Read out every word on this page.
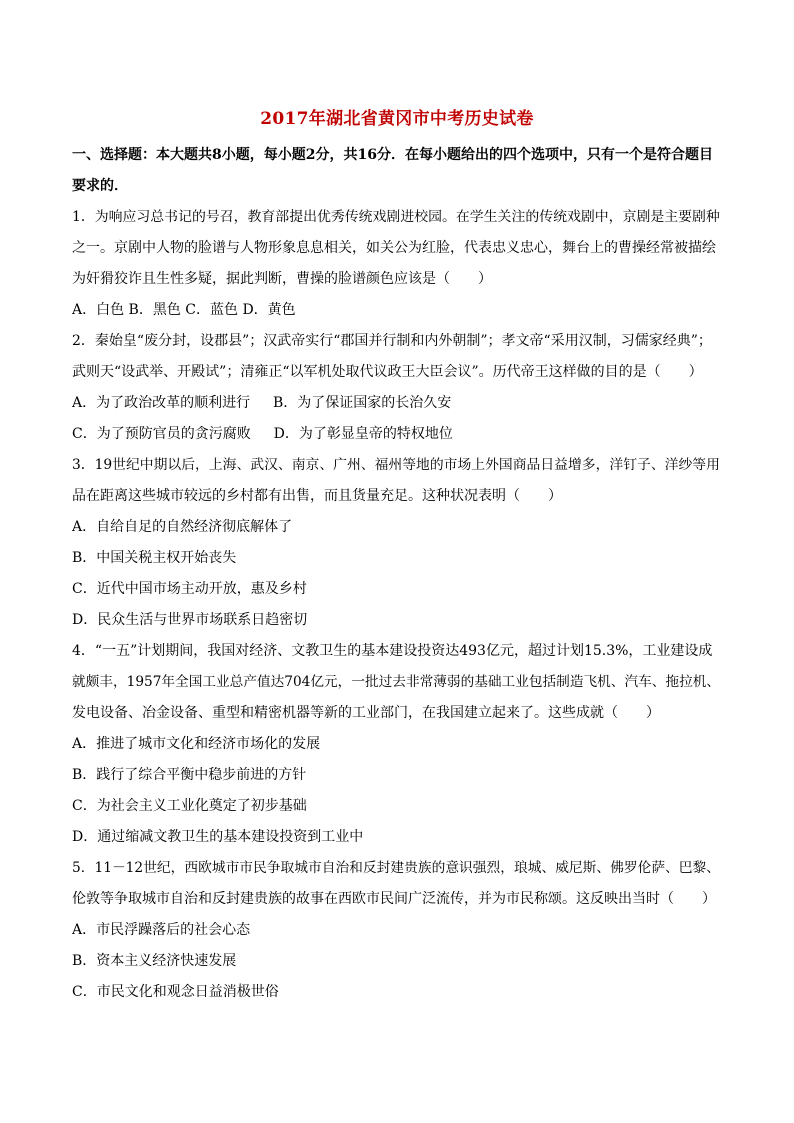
2017年湖北省黄冈市中考历史试卷
一、选择题：本大题共8小题，每小题2分，共16分．在每小题给出的四个选项中，只有一个是符合题目
要求的．
1．为响应习总书记的号召，教育部提出优秀传统戏剧进校园。在学生关注的传统戏剧中，京剧是主要剧种
之一。京剧中人物的脸谱与人物形象息息相关，如关公为红脸，代表忠义忠心，舞台上的曹操经常被描绘
为奸猾狡诈且生性多疑，据此判断，曹操的脸谱颜色应该是（　　）
A．白色 B．黑色 C．蓝色 D．黄色
2．秦始皇“废分封，设郡县”；汉武帝实行“郡国并行制和内外朝制”；孝文帝“采用汉制，习儒家经典”；
武则天“设武举、开殿试”；清雍正“以军机处取代议政王大臣会议”。历代帝王这样做的目的是（　　）
A．为了政治改革的顺利进行　  B．为了保证国家的长治久安
C．为了预防官员的贪污腐败　  D．为了彰显皇帝的特权地位
3．19世纪中期以后，上海、武汉、南京、广州、福州等地的市场上外国商品日益增多，洋钉子、洋纱等用
品在距离这些城市较远的乡村都有出售，而且货量充足。这种状况表明（　　）
A．自给自足的自然经济彻底解体了
B．中国关税主权开始丧失
C．近代中国市场主动开放，惠及乡村
D．民众生活与世界市场联系日趋密切
4．“一五”计划期间，我国对经济、文教卫生的基本建设投资达493亿元，超过计划15.3%，工业建设成
就颇丰，1957年全国工业总产值达704亿元，一批过去非常薄弱的基础工业包括制造飞机、汽车、拖拉机、
发电设备、冶金设备、重型和精密机器等新的工业部门，在我国建立起来了。这些成就（　　）
A．推进了城市文化和经济市场化的发展
B．践行了综合平衡中稳步前进的方针
C．为社会主义工业化奠定了初步基础
D．通过缩减文教卫生的基本建设投资到工业中
5．11－12世纪，西欧城市市民争取城市自治和反封建贵族的意识强烈，琅城、威尼斯、佛罗伦萨、巴黎、
伦敦等争取城市自治和反封建贵族的故事在西欧市民间广泛流传，并为市民称颂。这反映出当时（　　）
A．市民浮躁落后的社会心态
B．资本主义经济快速发展
C．市民文化和观念日益消极世俗
